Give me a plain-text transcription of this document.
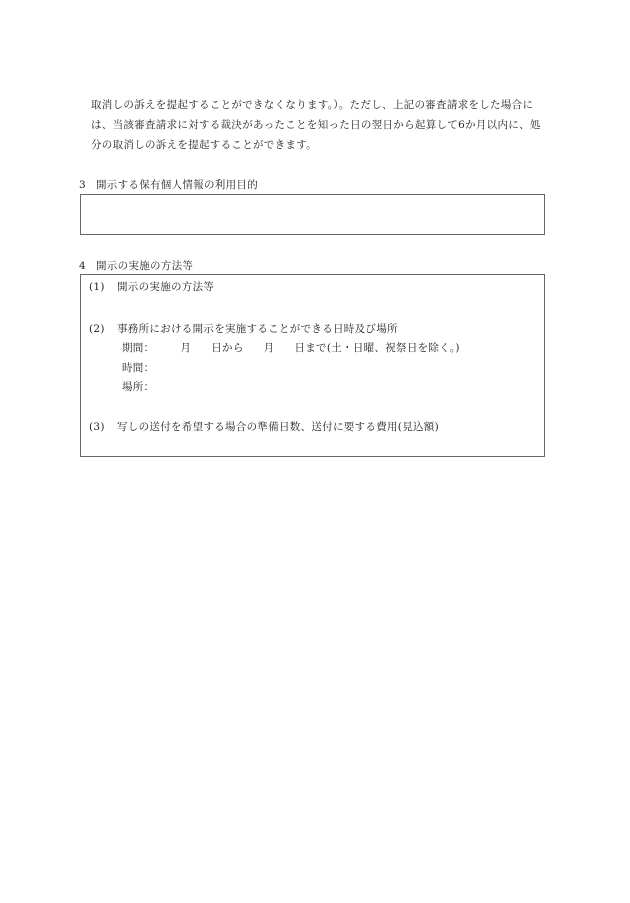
取消しの訴えを提起することができなくなります。）。ただし、上記の審査請求をした場合に
は、当該審査請求に対する裁決があったことを知った日の翌日から起算して6か月以内に、処
分の取消しの訴えを提起することができます。
3 開示する保有個人情報の利用目的
4 開示の実施の方法等
(1) 開示の実施の方法等
(2) 事務所における開示を実施することができる日時及び場所
期間： 月 日から 月 日まで(土・日曜、祝祭日を除く。)
時間：
場所：
(3) 写しの送付を希望する場合の準備日数、送付に要する費用(見込額)
